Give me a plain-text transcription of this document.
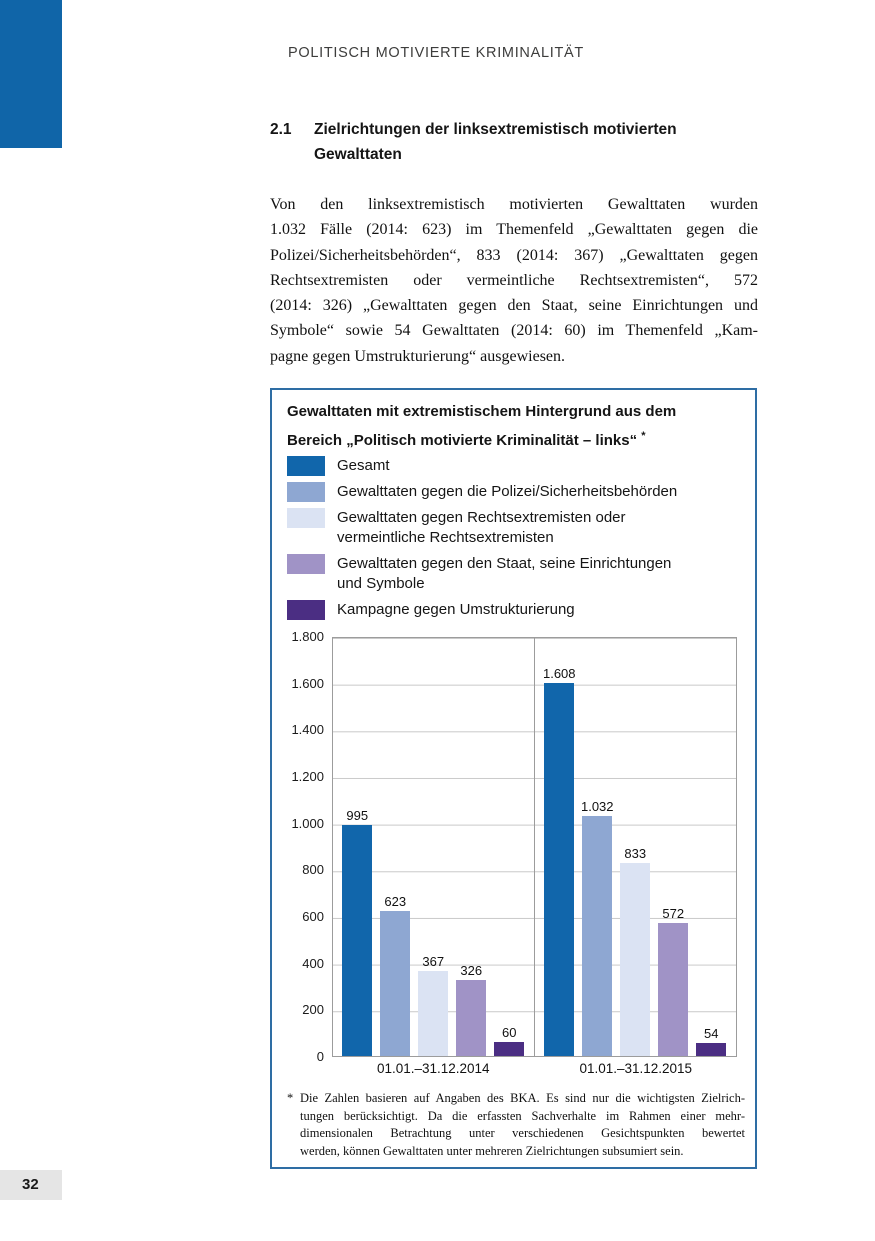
POLITISCH MOTIVIERTE KRIMINALITÄT
2.1	Zielrichtungen der linksextremistisch motivierten
Gewalttaten
Von den linksextremistisch motivierten Gewalttaten wurden
1.032 Fälle (2014: 623) im Themenfeld „Gewalttaten gegen die
Polizei/Sicherheitsbehörden“, 833 (2014: 367) „Gewalttaten gegen
Rechtsextremisten oder vermeintliche Rechtsextremisten“, 572
(2014: 326) „Gewalttaten gegen den Staat, seine Einrichtungen und
Symbole“ sowie 54 Gewalttaten (2014: 60) im Themenfeld „Kam-
pagne gegen Umstrukturierung“ ausgewiesen.
Gewalttaten mit extremistischem Hintergrund aus dem
Bereich „Politisch motivierte Kriminalität – links“ *
Gesamt
Gewalttaten gegen die Polizei/Sicherheitsbehörden
Gewalttaten gegen Rechtsextremisten oder
vermeintliche Rechtsextremisten
Gewalttaten gegen den Staat, seine Einrichtungen
und Symbole
Kampagne gegen Umstrukturierung
1.800
1.600
1.400
1.200
1.000
800
600
400
200
0
995
623
367
326
60
1.608
1.032
833
572
54
01.01.–31.12.2014	01.01.–31.12.2015
* Die Zahlen basieren auf Angaben des BKA. Es sind nur die wichtigsten Zielrich-
tungen berücksichtigt. Da die erfassten Sachverhalte im Rahmen einer mehr-
dimensionalen Betrachtung unter verschiedenen Gesichtspunkten bewertet
werden, können Gewalttaten unter mehreren Zielrichtungen subsumiert sein.
32
